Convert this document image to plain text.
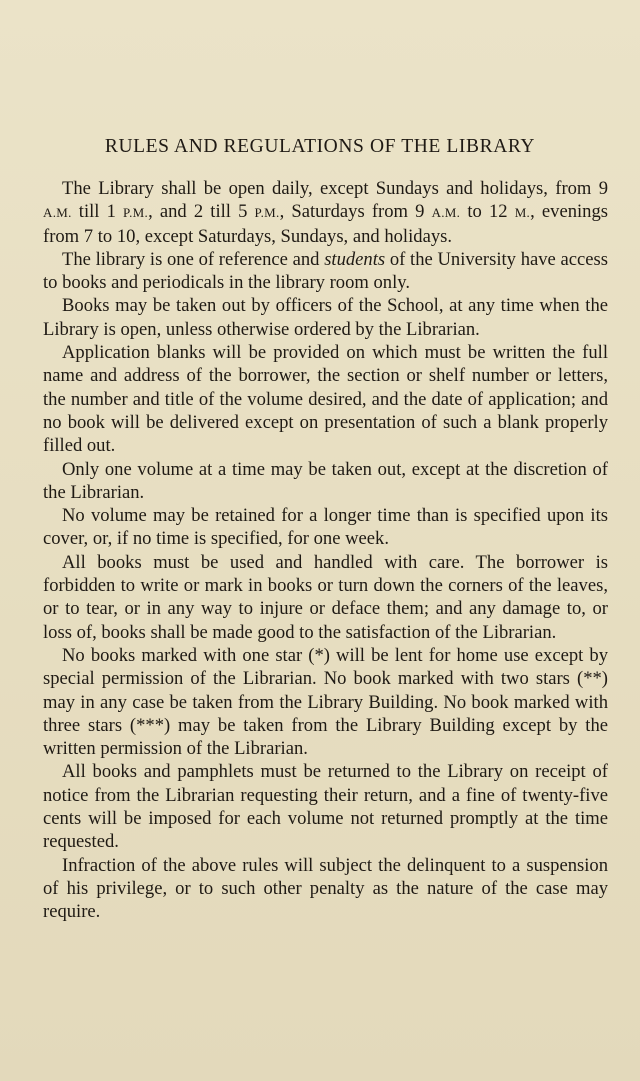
RULES AND REGULATIONS OF THE LIBRARY

The Library shall be open daily, except Sundays and holidays, from 9 A.M. till 1 P.M., and 2 till 5 P.M., Saturdays from 9 A.M. to 12 M., evenings from 7 to 10, except Saturdays, Sundays, and holidays.

The library is one of reference and students of the University have access to books and periodicals in the library room only.

Books may be taken out by officers of the School, at any time when the Library is open, unless otherwise ordered by the Librarian.

Application blanks will be provided on which must be written the full name and address of the borrower, the section or shelf number or letters, the number and title of the volume desired, and the date of application; and no book will be delivered except on presentation of such a blank properly filled out.

Only one volume at a time may be taken out, except at the discretion of the Librarian.

No volume may be retained for a longer time than is specified upon its cover, or, if no time is specified, for one week.

All books must be used and handled with care. The borrower is forbidden to write or mark in books or turn down the corners of the leaves, or to tear, or in any way to injure or deface them; and any damage to, or loss of, books shall be made good to the satisfaction of the Librarian.

No books marked with one star (*) will be lent for home use except by special permission of the Librarian. No book marked with two stars (**) may in any case be taken from the Library Building. No book marked with three stars (***) may be taken from the Library Building except by the written permission of the Librarian.

All books and pamphlets must be returned to the Library on receipt of notice from the Librarian requesting their return, and a fine of twenty-five cents will be imposed for each volume not returned promptly at the time requested.

Infraction of the above rules will subject the delinquent to a suspension of his privilege, or to such other penalty as the nature of the case may require.
